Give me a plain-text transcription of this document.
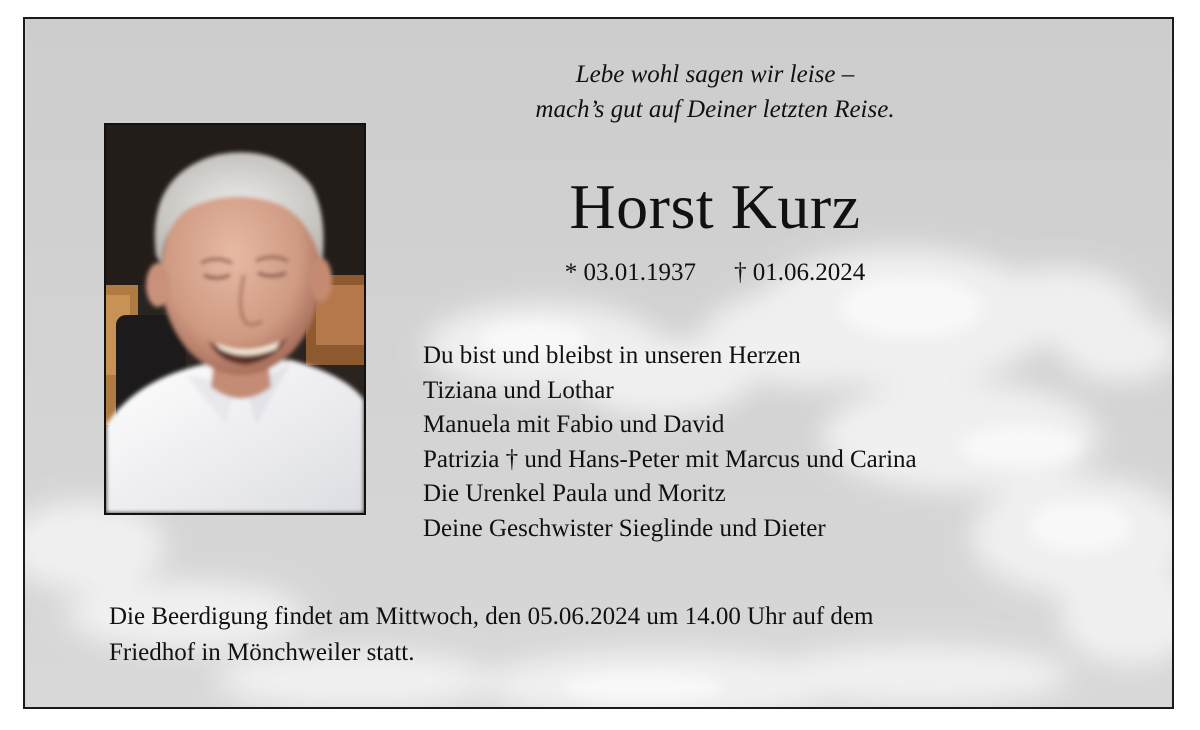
Lebe wohl sagen wir leise –
mach’s gut auf Deiner letzten Reise.
Horst Kurz
* 03.01.1937 † 01.06.2024
Du bist und bleibst in unseren Herzen
Tiziana und Lothar
Manuela mit Fabio und David
Patrizia † und Hans-Peter mit Marcus und Carina
Die Urenkel Paula und Moritz
Deine Geschwister Sieglinde und Dieter
Die Beerdigung findet am Mittwoch, den 05.06.2024 um 14.00 Uhr auf dem
Friedhof in Mönchweiler statt.
